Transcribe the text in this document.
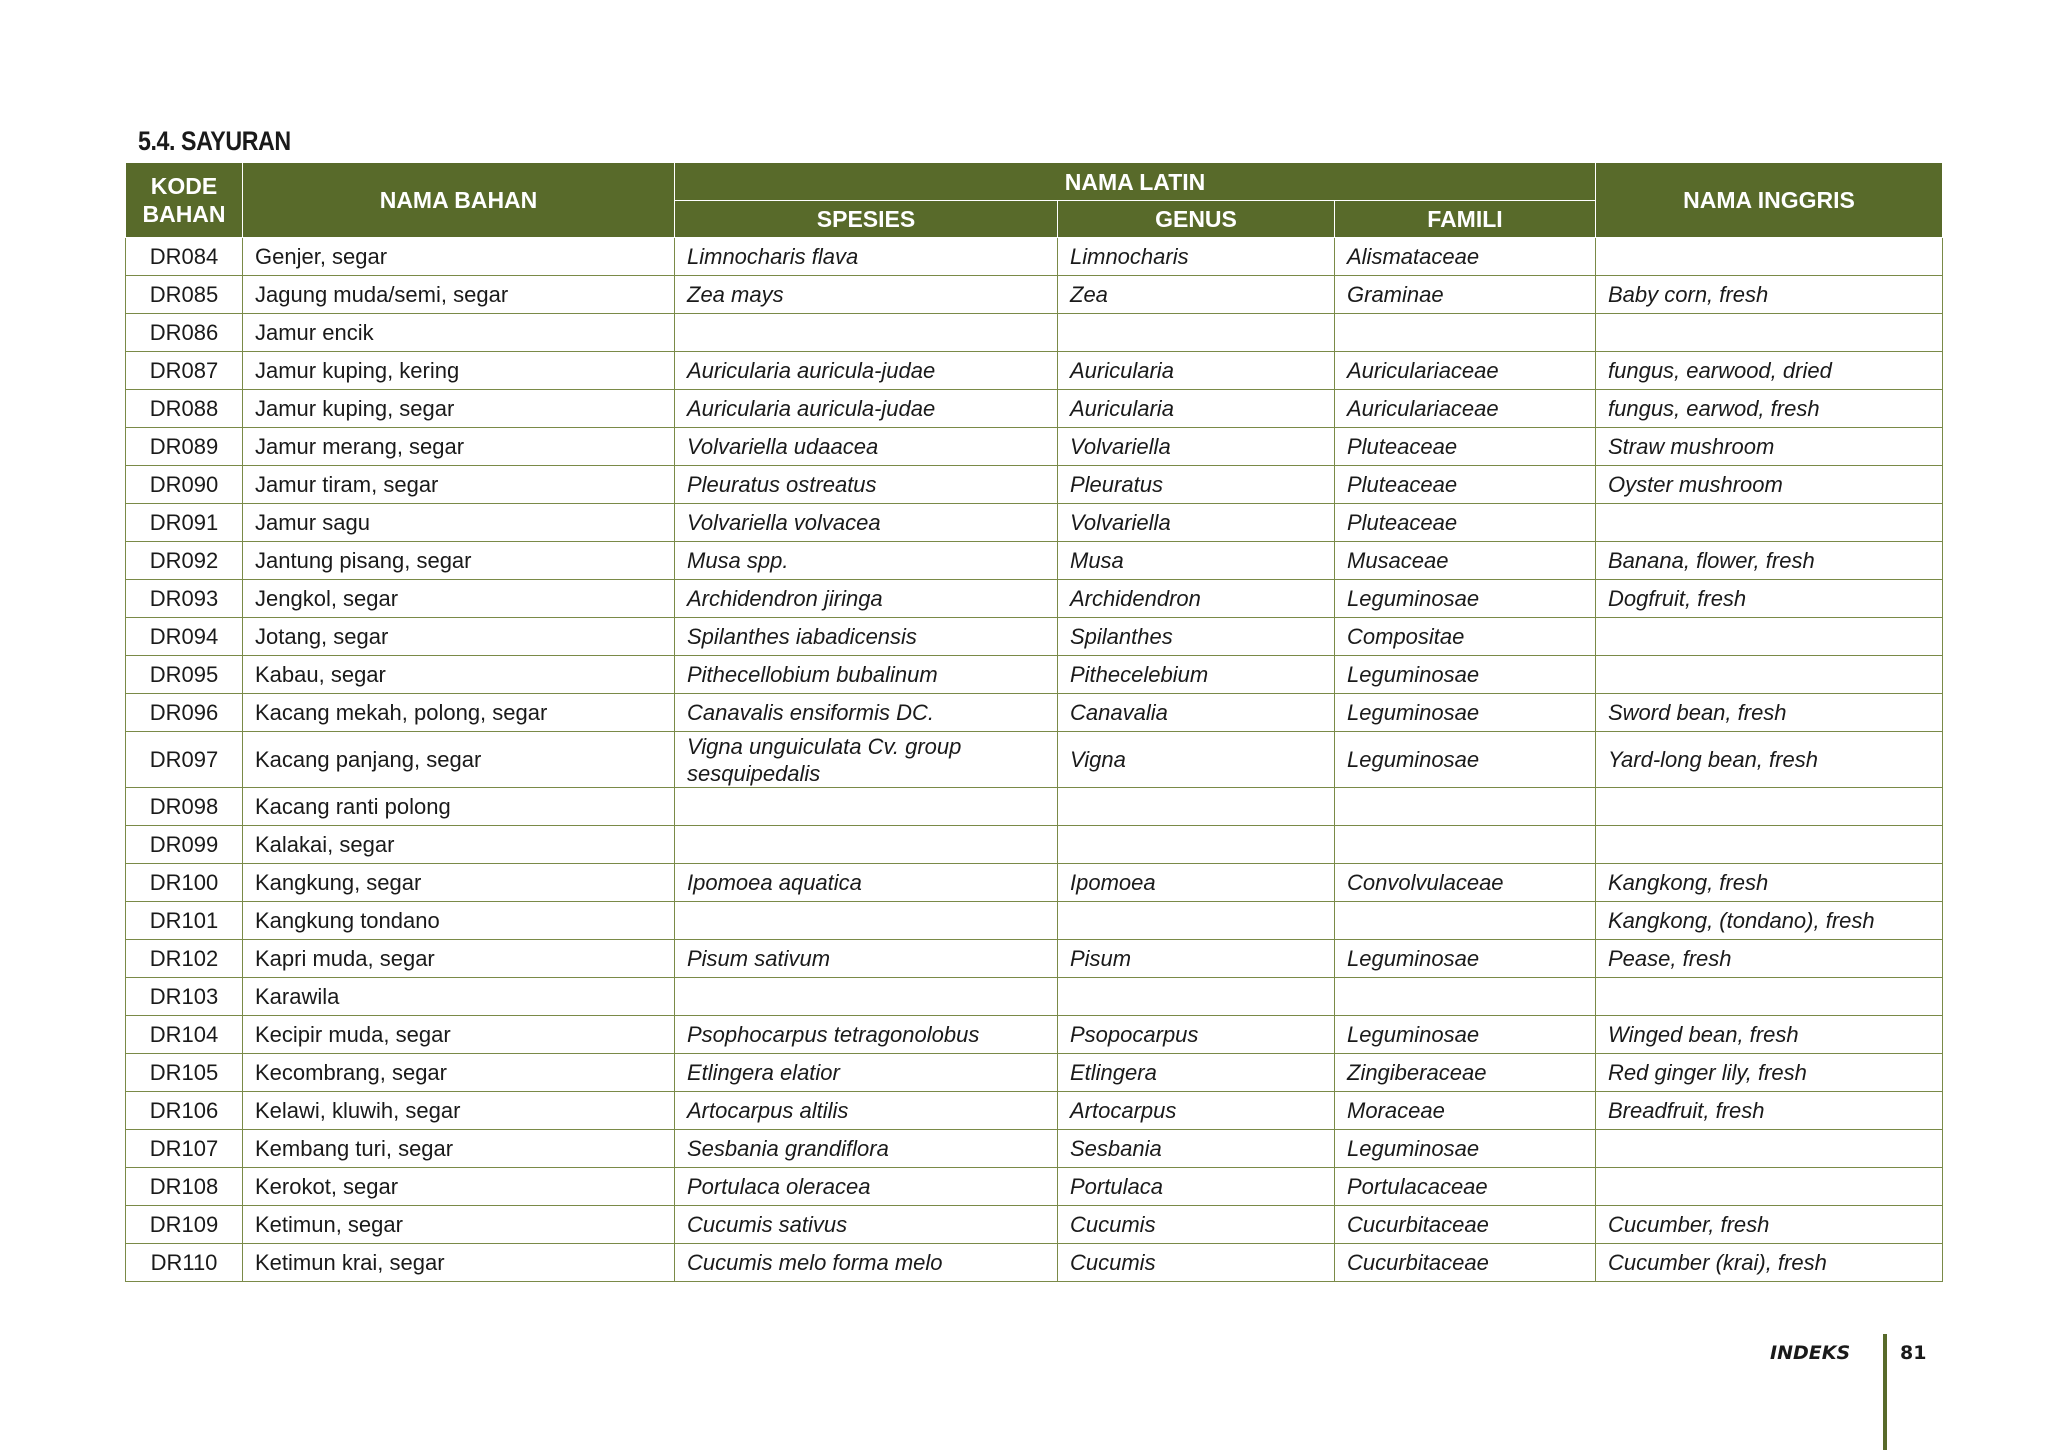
5.4. SAYURAN
KODE BAHAN	NAMA BAHAN	NAMA LATIN			NAMA INGGRIS
		SPESIES	GENUS	FAMILI	
DR084	Genjer, segar	Limnocharis flava	Limnocharis	Alismataceae	
DR085	Jagung muda/semi, segar	Zea mays	Zea	Graminae	Baby corn, fresh
DR086	Jamur encik				
DR087	Jamur kuping, kering	Auricularia auricula-judae	Auricularia	Auriculariaceae	fungus, earwood, dried
DR088	Jamur kuping, segar	Auricularia auricula-judae	Auricularia	Auriculariaceae	fungus, earwod, fresh
DR089	Jamur merang, segar	Volvariella udaacea	Volvariella	Pluteaceae	Straw mushroom
DR090	Jamur tiram, segar	Pleuratus ostreatus	Pleuratus	Pluteaceae	Oyster mushroom
DR091	Jamur sagu	Volvariella volvacea	Volvariella	Pluteaceae	
DR092	Jantung pisang, segar	Musa spp.	Musa	Musaceae	Banana, flower, fresh
DR093	Jengkol, segar	Archidendron jiringa	Archidendron	Leguminosae	Dogfruit, fresh
DR094	Jotang, segar	Spilanthes iabadicensis	Spilanthes	Compositae	
DR095	Kabau, segar	Pithecellobium bubalinum	Pithecelebium	Leguminosae	
DR096	Kacang mekah, polong, segar	Canavalis ensiformis DC.	Canavalia	Leguminosae	Sword bean, fresh
DR097	Kacang panjang, segar	Vigna unguiculata Cv. group sesquipedalis	Vigna	Leguminosae	Yard-long bean, fresh
DR098	Kacang ranti polong				
DR099	Kalakai, segar				
DR100	Kangkung, segar	Ipomoea aquatica	Ipomoea	Convolvulaceae	Kangkong, fresh
DR101	Kangkung tondano				Kangkong, (tondano), fresh
DR102	Kapri muda, segar	Pisum sativum	Pisum	Leguminosae	Pease, fresh
DR103	Karawila				
DR104	Kecipir muda, segar	Psophocarpus tetragonolobus	Psopocarpus	Leguminosae	Winged bean, fresh
DR105	Kecombrang, segar	Etlingera elatior	Etlingera	Zingiberaceae	Red ginger lily, fresh
DR106	Kelawi, kluwih, segar	Artocarpus altilis	Artocarpus	Moraceae	Breadfruit, fresh
DR107	Kembang turi, segar	Sesbania grandiflora	Sesbania	Leguminosae	
DR108	Kerokot, segar	Portulaca oleracea	Portulaca	Portulacaceae	
DR109	Ketimun, segar	Cucumis sativus	Cucumis	Cucurbitaceae	Cucumber, fresh
DR110	Ketimun krai, segar	Cucumis melo forma melo	Cucumis	Cucurbitaceae	Cucumber (krai), fresh
INDEKS	81
